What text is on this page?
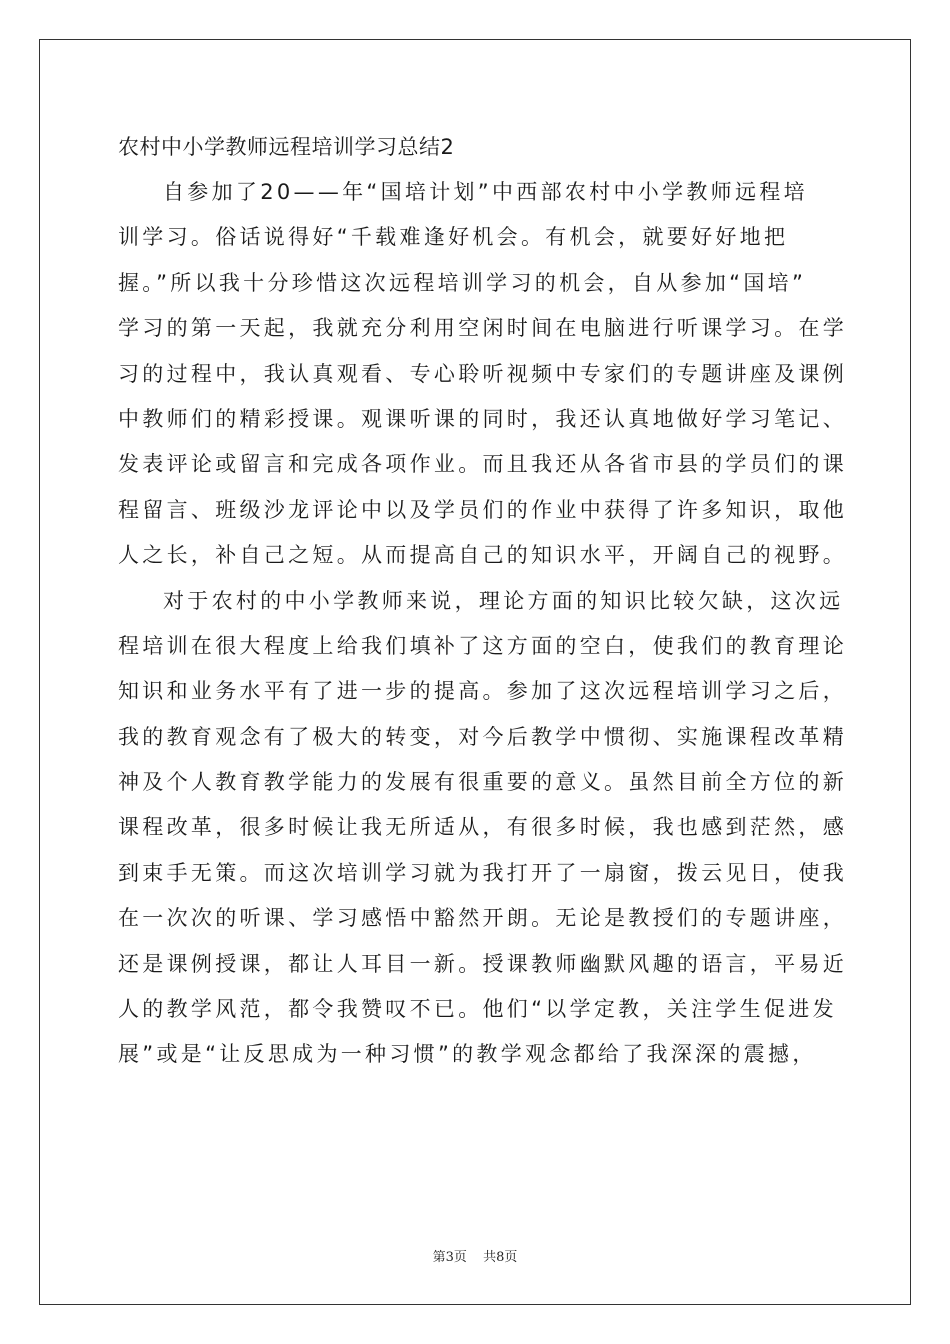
农村中小学教师远程培训学习总结2

自参加了20——年“国培计划”中西部农村中小学教师远程培

训学习。俗话说得好“千载难逢好机会。有机会，就要好好地把

握。”所以我十分珍惜这次远程培训学习的机会，自从参加“国培”

学习的第一天起，我就充分利用空闲时间在电脑进行听课学习。在学

习的过程中，我认真观看、专心聆听视频中专家们的专题讲座及课例

中教师们的精彩授课。观课听课的同时，我还认真地做好学习笔记、

发表评论或留言和完成各项作业。而且我还从各省市县的学员们的课

程留言、班级沙龙评论中以及学员们的作业中获得了许多知识，取他

人之长，补自己之短。从而提高自己的知识水平，开阔自己的视野。

对于农村的中小学教师来说，理论方面的知识比较欠缺，这次远

程培训在很大程度上给我们填补了这方面的空白，使我们的教育理论

知识和业务水平有了进一步的提高。参加了这次远程培训学习之后，

我的教育观念有了极大的转变，对今后教学中惯彻、实施课程改革精

神及个人教育教学能力的发展有很重要的意义。虽然目前全方位的新

课程改革，很多时候让我无所适从，有很多时候，我也感到茫然，感

到束手无策。而这次培训学习就为我打开了一扇窗，拨云见日，使我

在一次次的听课、学习感悟中豁然开朗。无论是教授们的专题讲座，

还是课例授课，都让人耳目一新。授课教师幽默风趣的语言，平易近

人的教学风范，都令我赞叹不已。他们“以学定教，关注学生促进发

展”或是“让反思成为一种习惯”的教学观念都给了我深深的震撼，

第3页 共8页
